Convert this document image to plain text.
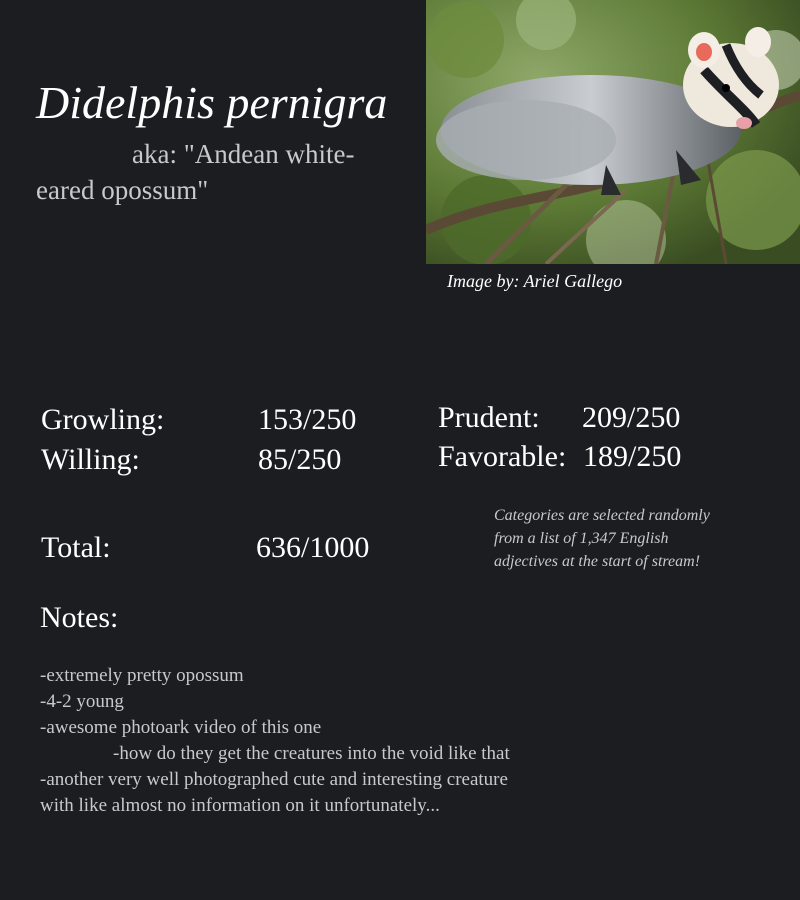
Didelphis pernigra

aka: "Andean white-eared opossum"

Image by: Ariel Gallego
Growling:	153/250
Willing:	85/250
Prudent: 209/250
Favorable: 189/250
Total:	636/1000
Categories are selected randomly from a list of 1,347 English adjectives at the start of stream!
Notes:
-extremely pretty opossum
-4-2 young
-awesome photoark video of this one
-how do they get the creatures into the void like that
-another very well photographed cute and interesting creature with like almost no information on it unfortunately...
